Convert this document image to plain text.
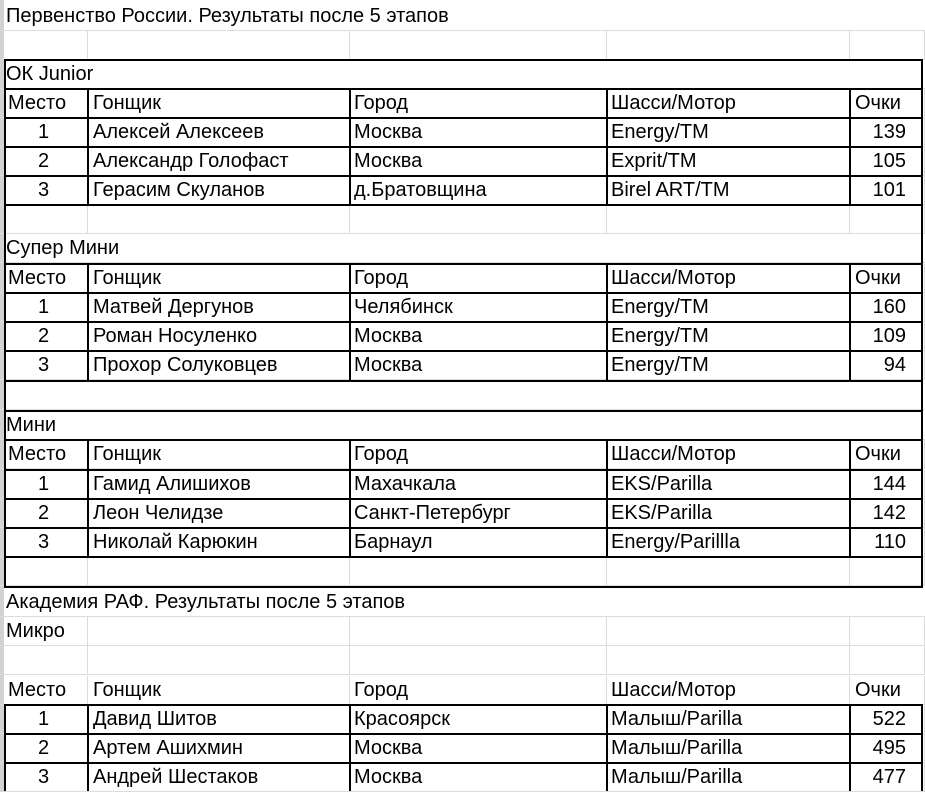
Первенство России. Результаты после 5 этапов
ОК Junior
Место	Гонщик	Город	Шасси/Мотор	Очки
1	Алексей Алексеев	Москва	Energy/TM	139
2	Александр Голофаст	Москва	Exprit/TM	105
3	Герасим Скуланов	д.Братовщина	Birel ART/TM	101
Супер Мини
Место	Гонщик	Город	Шасси/Мотор	Очки
1	Матвей Дергунов	Челябинск	Energy/TM	160
2	Роман Носуленко	Москва	Energy/TM	109
3	Прохор Солуковцев	Москва	Energy/TM	94
Мини
Место	Гонщик	Город	Шасси/Мотор	Очки
1	Гамид Алишихов	Махачкала	EKS/Parilla	144
2	Леон Челидзе	Санкт-Петербург	EKS/Parilla	142
3	Николай Карюкин	Барнаул	Energy/Parillla	110
Академия РАФ. Результаты после 5 этапов
Микро
Место	Гонщик	Город	Шасси/Мотор	Очки
1	Давид Шитов	Красоярск	Малыш/Parilla	522
2	Артем Ашихмин	Москва	Малыш/Parilla	495
3	Андрей Шестаков	Москва	Малыш/Parilla	477
